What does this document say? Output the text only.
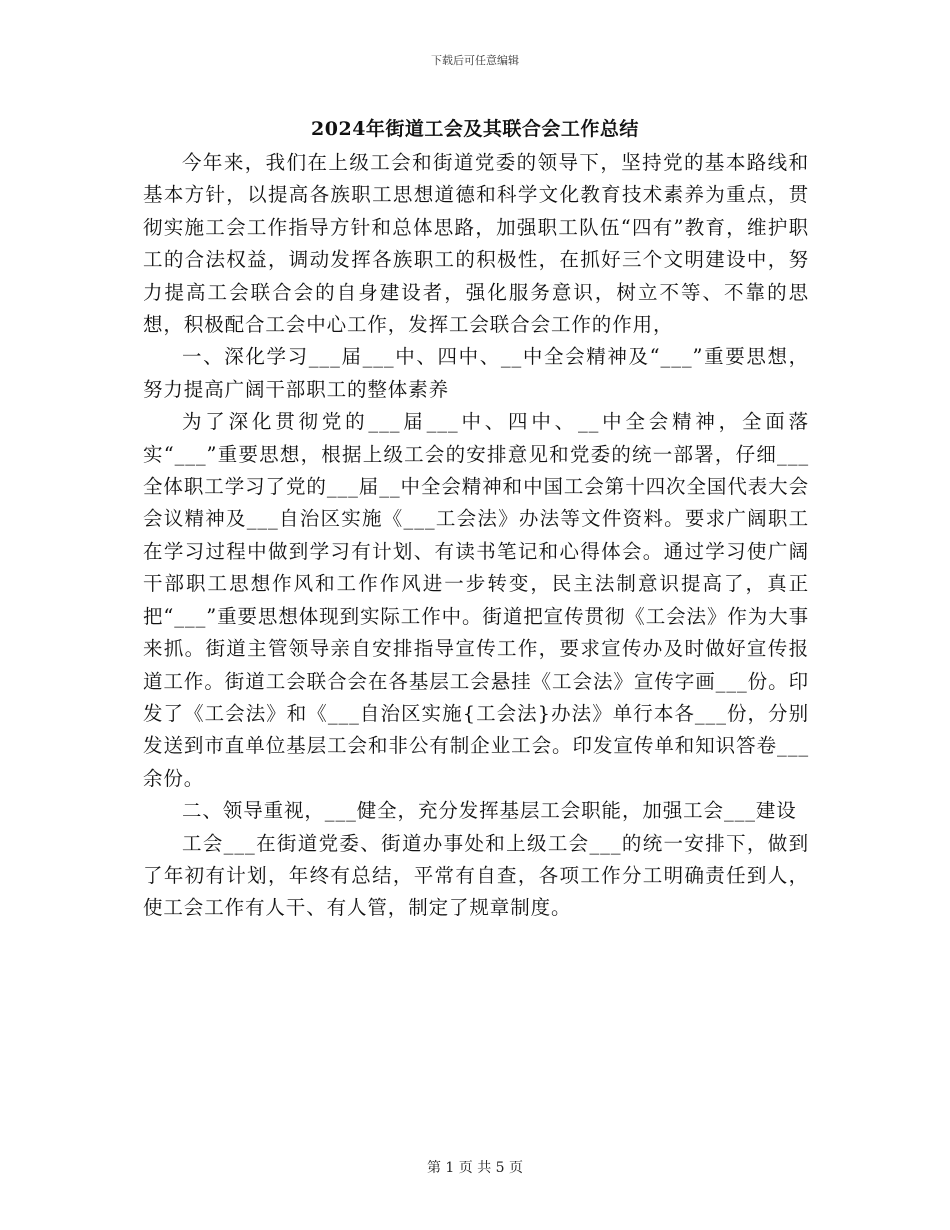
下载后可任意编辑
2024年街道工会及其联合会工作总结

今年来，我们在上级工会和街道党委的领导下，坚持党的基本路线和基本方针，以提高各族职工思想道德和科学文化教育技术素养为重点，贯彻实施工会工作指导方针和总体思路，加强职工队伍“四有”教育，维护职工的合法权益，调动发挥各族职工的积极性，在抓好三个文明建设中，努力提高工会联合会的自身建设者，强化服务意识，树立不等、不靠的思想，积极配合工会中心工作，发挥工会联合会工作的作用，

一、深化学习___届___中、四中、__中全会精神及“___”重要思想，努力提高广阔干部职工的整体素养

为了深化贯彻党的___届___中、四中、__中全会精神，全面落实“___”重要思想，根据上级工会的安排意见和党委的统一部署，仔细___全体职工学习了党的___届__中全会精神和中国工会第十四次全国代表大会会议精神及___自治区实施《___工会法》办法等文件资料。要求广阔职工在学习过程中做到学习有计划、有读书笔记和心得体会。通过学习使广阔干部职工思想作风和工作作风进一步转变，民主法制意识提高了，真正把“___”重要思想体现到实际工作中。街道把宣传贯彻《工会法》作为大事来抓。街道主管领导亲自安排指导宣传工作，要求宣传办及时做好宣传报道工作。街道工会联合会在各基层工会悬挂《工会法》宣传字画___份。印发了《工会法》和《___自治区实施{工会法}办法》单行本各___份，分别发送到市直单位基层工会和非公有制企业工会。印发宣传单和知识答卷___余份。

二、领导重视，___健全，充分发挥基层工会职能，加强工会___建设

工会___在街道党委、街道办事处和上级工会___的统一安排下，做到了年初有计划，年终有总结，平常有自查，各项工作分工明确责任到人，使工会工作有人干、有人管，制定了规章制度。

第 1 页 共 5 页
